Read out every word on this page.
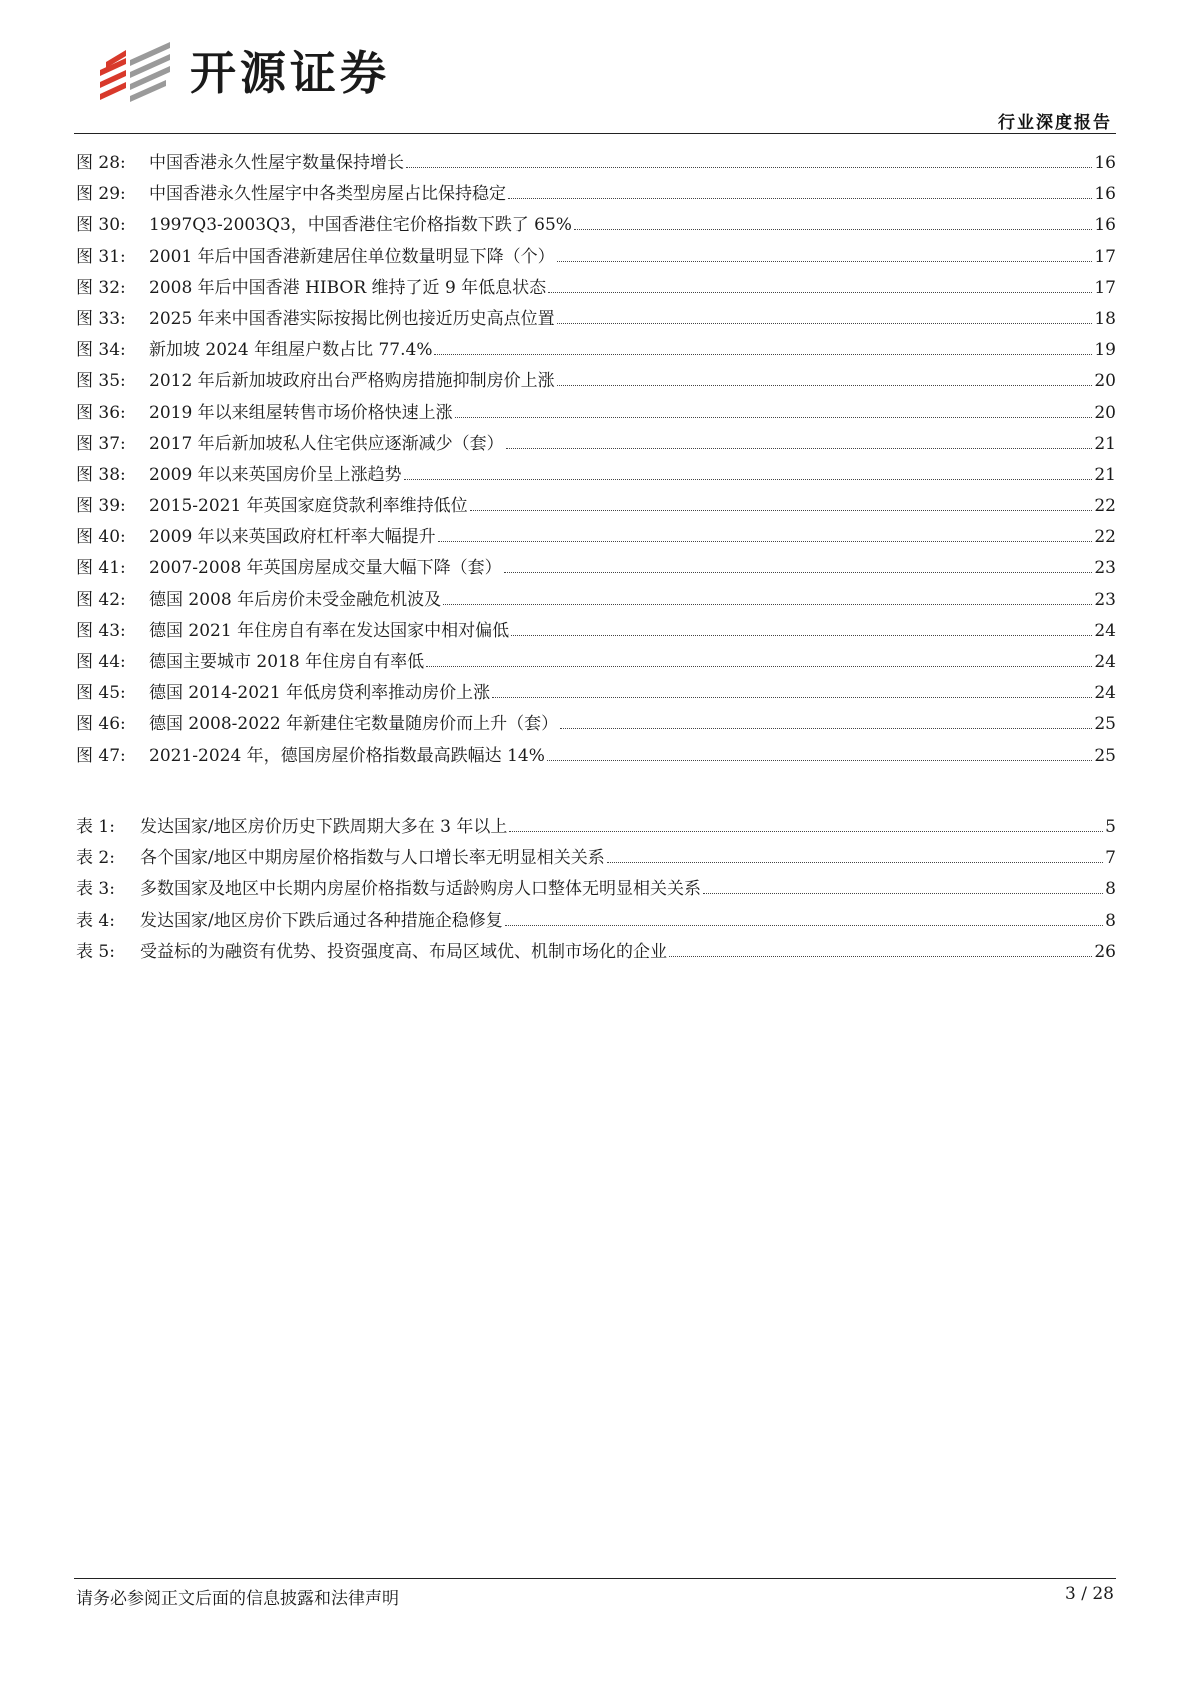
开源证券
行业深度报告
图 28:	中国香港永久性屋宇数量保持增长	16
图 29:	中国香港永久性屋宇中各类型房屋占比保持稳定	16
图 30:	1997Q3-2003Q3，中国香港住宅价格指数下跌了 65%	16
图 31:	2001 年后中国香港新建居住单位数量明显下降（个）	17
图 32:	2008 年后中国香港 HIBOR 维持了近 9 年低息状态	17
图 33:	2025 年来中国香港实际按揭比例也接近历史高点位置	18
图 34:	新加坡 2024 年组屋户数占比 77.4%	19
图 35:	2012 年后新加坡政府出台严格购房措施抑制房价上涨	20
图 36:	2019 年以来组屋转售市场价格快速上涨	20
图 37:	2017 年后新加坡私人住宅供应逐渐减少（套）	21
图 38:	2009 年以来英国房价呈上涨趋势	21
图 39:	2015-2021 年英国家庭贷款利率维持低位	22
图 40:	2009 年以来英国政府杠杆率大幅提升	22
图 41:	2007-2008 年英国房屋成交量大幅下降（套）	23
图 42:	德国 2008 年后房价未受金融危机波及	23
图 43:	德国 2021 年住房自有率在发达国家中相对偏低	24
图 44:	德国主要城市 2018 年住房自有率低	24
图 45:	德国 2014-2021 年低房贷利率推动房价上涨	24
图 46:	德国 2008-2022 年新建住宅数量随房价而上升（套）	25
图 47:	2021-2024 年，德国房屋价格指数最高跌幅达 14%	25
表 1:	发达国家/地区房价历史下跌周期大多在 3 年以上	5
表 2:	各个国家/地区中期房屋价格指数与人口增长率无明显相关关系	7
表 3:	多数国家及地区中长期内房屋价格指数与适龄购房人口整体无明显相关关系	8
表 4:	发达国家/地区房价下跌后通过各种措施企稳修复	8
表 5:	受益标的为融资有优势、投资强度高、布局区域优、机制市场化的企业	26
请务必参阅正文后面的信息披露和法律声明	3 / 28
